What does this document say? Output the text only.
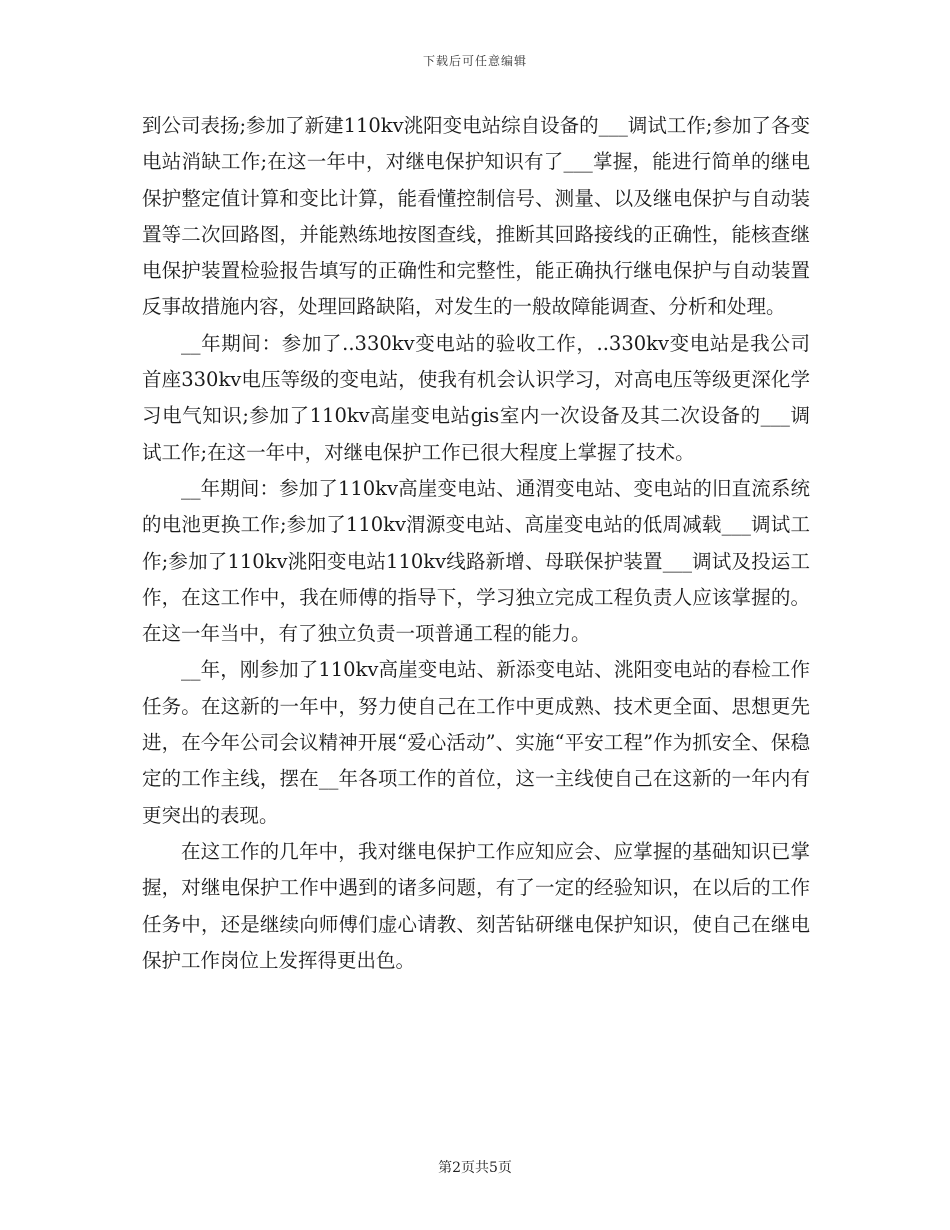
下载后可任意编辑

到公司表扬;参加了新建110kv洮阳变电站综自设备的___调试工作;参加了各变电站消缺工作;在这一年中，对继电保护知识有了___掌握，能进行简单的继电保护整定值计算和变比计算，能看懂控制信号、测量、以及继电保护与自动装置等二次回路图，并能熟练地按图查线，推断其回路接线的正确性，能核查继电保护装置检验报告填写的正确性和完整性，能正确执行继电保护与自动装置反事故措施内容，处理回路缺陷，对发生的一般故障能调查、分析和处理。

__年期间：参加了..330kv变电站的验收工作，..330kv变电站是我公司首座330kv电压等级的变电站，使我有机会认识学习，对高电压等级更深化学习电气知识;参加了110kv高崖变电站gis室内一次设备及其二次设备的___调试工作;在这一年中，对继电保护工作已很大程度上掌握了技术。

__年期间：参加了110kv高崖变电站、通渭变电站、变电站的旧直流系统的电池更换工作;参加了110kv渭源变电站、高崖变电站的低周减载___调试工作;参加了110kv洮阳变电站110kv线路新增、母联保护装置___调试及投运工作，在这工作中，我在师傅的指导下，学习独立完成工程负责人应该掌握的。在这一年当中，有了独立负责一项普通工程的能力。

__年，刚参加了110kv高崖变电站、新添变电站、洮阳变电站的春检工作任务。在这新的一年中，努力使自己在工作中更成熟、技术更全面、思想更先进，在今年公司会议精神开展“爱心活动”、实施“平安工程”作为抓安全、保稳定的工作主线，摆在__年各项工作的首位，这一主线使自己在这新的一年内有更突出的表现。

在这工作的几年中，我对继电保护工作应知应会、应掌握的基础知识已掌握，对继电保护工作中遇到的诸多问题，有了一定的经验知识，在以后的工作任务中，还是继续向师傅们虚心请教、刻苦钻研继电保护知识，使自己在继电保护工作岗位上发挥得更出色。

第2页共5页
